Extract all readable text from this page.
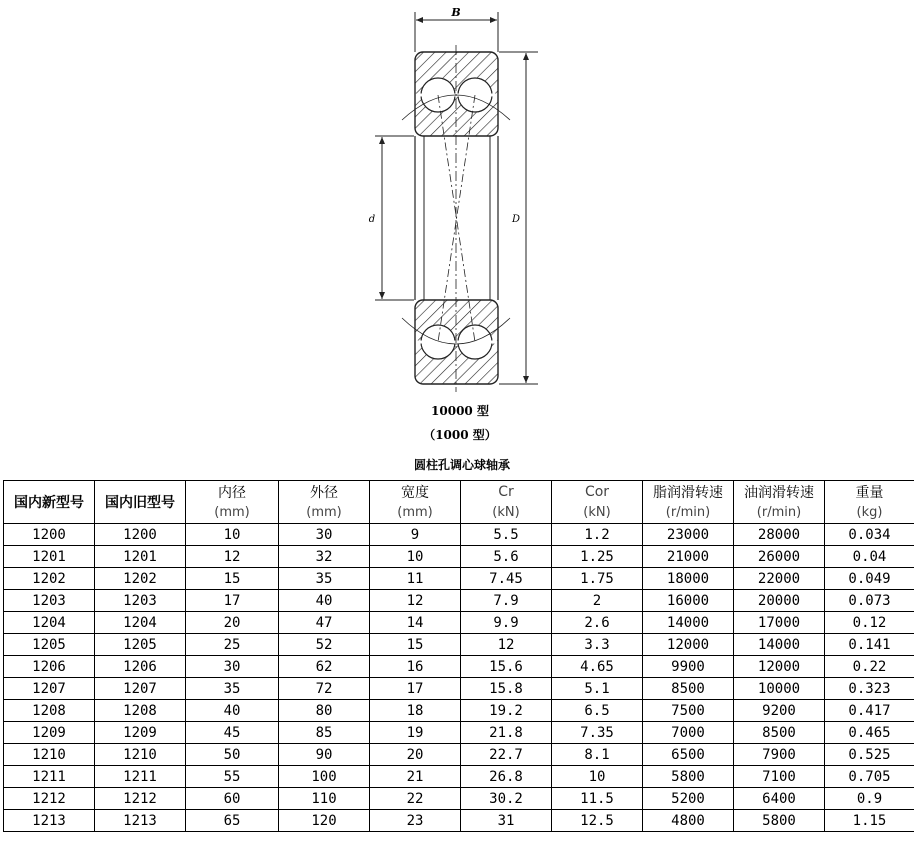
B
d	D
10000 型
（1000 型）
圆柱孔调心球轴承
国内新型号	国内旧型号	内径	外径	宽度	Cr	Cor	脂润滑转速	油润滑转速	重量
		(mm)	(mm)	(mm)	(kN)	(kN)	(r/min)	(r/min)	(kg)
1200	1200	10	30	9	5.5	1.2	23000	28000	0.034
1201	1201	12	32	10	5.6	1.25	21000	26000	0.04
1202	1202	15	35	11	7.45	1.75	18000	22000	0.049
1203	1203	17	40	12	7.9	2	16000	20000	0.073
1204	1204	20	47	14	9.9	2.6	14000	17000	0.12
1205	1205	25	52	15	12	3.3	12000	14000	0.141
1206	1206	30	62	16	15.6	4.65	9900	12000	0.22
1207	1207	35	72	17	15.8	5.1	8500	10000	0.323
1208	1208	40	80	18	19.2	6.5	7500	9200	0.417
1209	1209	45	85	19	21.8	7.35	7000	8500	0.465
1210	1210	50	90	20	22.7	8.1	6500	7900	0.525
1211	1211	55	100	21	26.8	10	5800	7100	0.705
1212	1212	60	110	22	30.2	11.5	5200	6400	0.9
1213	1213	65	120	23	31	12.5	4800	5800	1.15
